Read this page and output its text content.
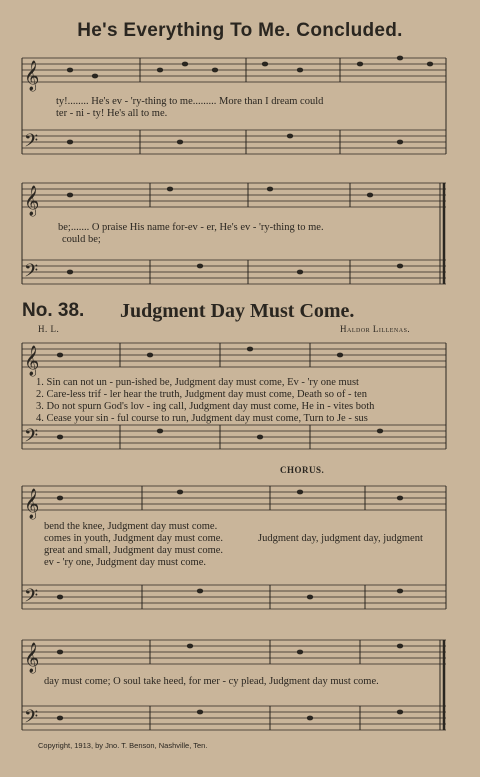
𝄞
𝄢
𝄞
𝄢
𝄞
𝄢
𝄞
𝄢
𝄞
𝄢
He's Everything To Me. Concluded.
ty!........ He's ev - 'ry-thing to me......... More than I dream could
ter - ni - ty! He's all to me.
be;....... O praise His name for-ev - er, He's ev - 'ry-thing to me.
could be;
No. 38. Judgment Day Must Come.
H. L.	Haldor Lillenas.
1. Sin can not un - pun-ished be, Judgment day must come, Ev - 'ry one must
2. Care-less trif - ler hear the truth, Judgment day must come, Death so of - ten
3. Do not spurn God's lov - ing call, Judgment day must come, He in - vites both
4. Cease your sin - ful course to run, Judgment day must come, Turn to Je - sus
CHORUS.
bend the knee, Judgment day must come.
comes in youth, Judgment day must come.
great and small, Judgment day must come.
ev - 'ry one, Judgment day must come.
Judgment day, judgment day, judgment
day must come; O soul take heed, for mer - cy plead, Judgment day must come.
Copyright, 1913, by Jno. T. Benson, Nashville, Ten.
